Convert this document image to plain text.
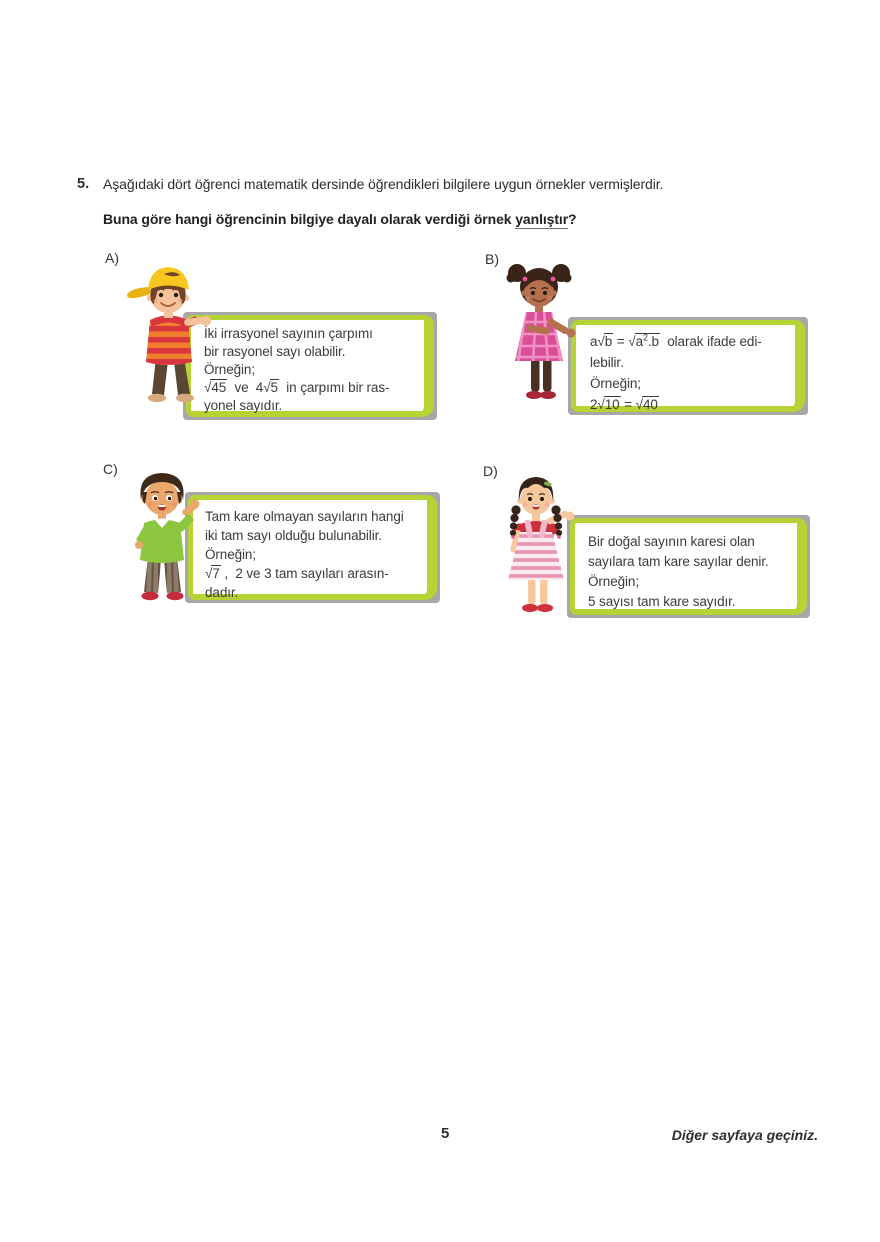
5. Aşağıdaki dört öğrenci matematik dersinde öğrendikleri bilgilere uygun örnekler vermişlerdir.
Buna göre hangi öğrencinin bilgiye dayalı olarak verdiği örnek yanlıştır?
A)	B)
C)	D)
İki irrasyonel sayının çarpımı
bir rasyonel sayı olabilir.
Örneğin;
√45  ve  4√5  in çarpımı bir ras-
yonel sayıdır.
$a√b = √a^2.b$  olarak ifade edi-
lebilir.
Örneğin;
2√10 = √40
Tam kare olmayan sayıların hangi
iki tam sayı olduğu bulunabilir.
Örneğin;
√7 ,  2 ve 3 tam sayıları arasın-
dadır.
Bir doğal sayının karesi olan
sayılara tam kare sayılar denir.
Örneğin;
5 sayısı tam kare sayıdır.
5	Diğer sayfaya geçiniz.
